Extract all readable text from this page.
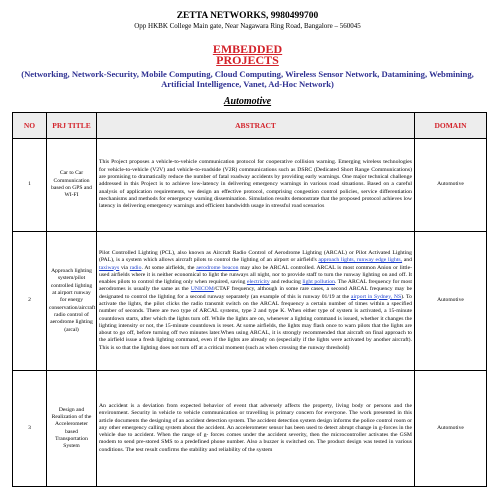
ZETTA NETWORKS, 9980499700
Opp HKBK College Main gate, Near Nagawara Ring Road, Bangalore – 560045
EMBEDDED
PROJECTS
(Networking, Network-Security, Mobile Computing, Cloud Computing, Wireless Sensor Network, Datamining, Webmining, Artificial Intelligence, Vanet, Ad-Hoc Network)
Automotive
NO	PRJ TITLE	ABSTRACT	DOMAIN
1	Car to Car Communication based on GPS and WI-FI	This Project proposes a vehicle-to-vehicle communication protocol for cooperative collision warning. Emerging wireless technologies for vehicle-to-vehicle (V2V) and vehicle-to-roadside (V2R) communications such as DSRC (Dedicated Short Range Communications) are promising to dramatically reduce the number of fatal roadway accidents by providing early warnings. One major technical challenge addressed in this Project is to achieve low-latency in delivering emergency warnings in various road situations. Based on a careful analysis of application requirements, we design an effective protocol, comprising congestion control policies, service differentiation mechanisms and methods for emergency warning dissemination. Simulation results demonstrate that the proposed protocol achieves low latency in delivering emergency warnings and efficient bandwidth usage in stressful road scenarios	Automotive
2	Approach lighting system/pilot controlled lighting at airport runway for energy conservation/aircraft radio control of aerodrome lighting (arcal)	Pilot Controlled Lighting (PCL), also known as Aircraft Radio Control of Aerodrome Lighting (ARCAL) or Pilot Activated Lighting (PAL), is a system which allows aircraft pilots to control the lighting of an airport or airfield's approach lights, runway edge lights, and taxiways via radio. At some airfields, the aerodrome beacon may also be ARCAL controlled. ARCAL is most common Anion or little-used airfields where it is neither economical to light the runways all night, nor to provide staff to turn the runway lighting on and off. It enables pilots to control the lighting only when required, saving electricity and reducing light pollution. The ARCAL frequency for most aerodromes is usually the same as the UNICOM/CTAF frequency, although in some rare cases, a second ARCAL frequency may be designated to control the lighting for a second runway separately (an example of this is runway 01/19 at the airport in Sydney, NS). To activate the lights, the pilot clicks the radio transmit switch on the ARCAL frequency a certain number of times within a specified number of seconds. There are two type of ARCAL systems, type 2 and type K. When either type of system is activated, a 15-minute countdown starts, after which the lights turn off. While the lights are on, whenever a lighting command is issued, whether it changes the lighting intensity or not, the 15-minute countdown is reset. At some airfields, the lights may flash once to warn pilots that the lights are about to go off, before turning off two minutes later.When using ARCAL, it is strongly recommended that aircraft on final approach to the airfield issue a fresh lighting command, even if the lights are already on (especially if the lights were activated by another aircraft). This is so that the lighting does not turn off at a critical moment (such as when crossing the runway threshold)	Automotive
3	Design and Realization of the Accelerometer based Transportation System	An accident is a deviation from expected behavior of event that adversely affects the property, living body or persons and the environment. Security in vehicle to vehicle communication or travelling is primary concern for everyone. The work presented in this article documents the designing of an accident detection system. The accident detection system design informs the police control room or any other emergency calling system about the accident. An accelerometer sensor has been used to detect abrupt change in g-forces in the vehicle due to accident. When the range of g- forces comes under the accident severity, then the microcontroller activates the GSM modem to send pre-stored SMS to a predefined phone number. Also a buzzer is switched on. The product design was tested in various conditions. The test result confirms the stability and reliability of the system	Automotive
